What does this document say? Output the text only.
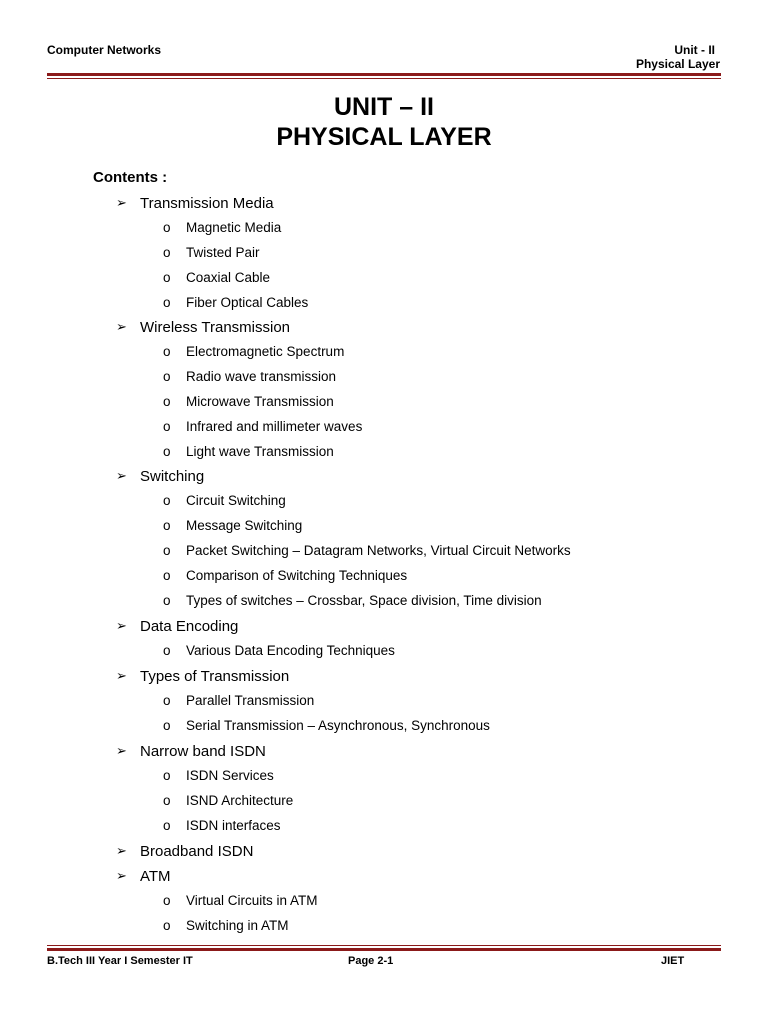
Computer Networks	Unit - II
Physical Layer
UNIT – II
PHYSICAL LAYER
Contents :
➢ Transmission Media
o Magnetic Media
o Twisted Pair
o Coaxial Cable
o Fiber Optical Cables
➢ Wireless Transmission
o Electromagnetic Spectrum
o Radio wave transmission
o Microwave Transmission
o Infrared and millimeter waves
o Light wave Transmission
➢ Switching
o Circuit Switching
o Message Switching
o Packet Switching – Datagram Networks, Virtual Circuit Networks
o Comparison of Switching Techniques
o Types of switches – Crossbar, Space division, Time division
➢ Data Encoding
o Various Data Encoding Techniques
➢ Types of Transmission
o Parallel Transmission
o Serial Transmission – Asynchronous, Synchronous
➢ Narrow band ISDN
o ISDN Services
o ISND Architecture
o ISDN interfaces
➢ Broadband ISDN
➢ ATM
o Virtual Circuits in ATM
o Switching in ATM
B.Tech III Year I Semester IT	Page 2-1	JIET
